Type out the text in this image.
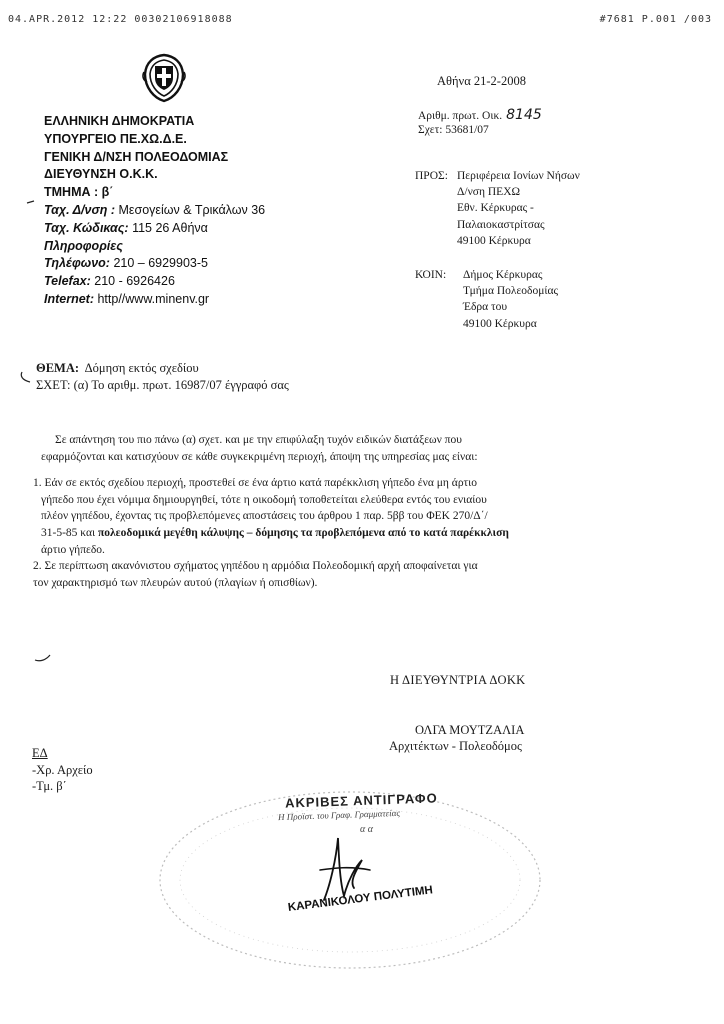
04.APR.2012 12:22 00302106918088	#7681 P.001 /003
ΕΛΛΗΝΙΚΗ ΔΗΜΟΚΡΑΤΙΑ
ΥΠΟΥΡΓΕΙΟ ΠΕ.ΧΩ.Δ.Ε.
ΓΕΝΙΚΗ Δ/ΝΣΗ ΠΟΛΕΟΔΟΜΙΑΣ
ΔΙΕΥΘΥΝΣΗ Ο.Κ.Κ.
ΤΜΗΜΑ : β΄
Ταχ. Δ/νση : Μεσογείων & Τρικάλων 36
Ταχ. Κώδικας: 115 26 Αθήνα
Πληροφορίες
Τηλέφωνο: 210 – 6929903-5
Telefax: 210 - 6926426
Internet: http//www.minenv.gr
Αθήνα 21-2-2008
Αριθμ. πρωτ. Οικ. 8145
Σχετ: 53681/07
ΠΡΟΣ: Περιφέρεια Ιονίων Νήσων
Δ/νση ΠΕΧΩ
Εθν. Κέρκυρας -
Παλαιοκαστρίτσας
49100 Κέρκυρα
ΚΟΙΝ:	Δήμος Κέρκυρας
Τμήμα Πολεοδομίας
Έδρα του
49100 Κέρκυρα
ΘΕΜΑ: Δόμηση εκτός σχεδίου
ΣΧΕΤ: (α) Το αριθμ. πρωτ. 16987/07 έγγραφό σας

Σε απάντηση του πιο πάνω (α) σχετ. και με την επιφύλαξη τυχόν ειδικών διατάξεων που
εφαρμόζονται και κατισχύουν σε κάθε συγκεκριμένη περιοχή, άποψη της υπηρεσίας μας είναι:

1. Εάν σε εκτός σχεδίου περιοχή, προστεθεί σε ένα άρτιο κατά παρέκκλιση γήπεδο ένα μη άρτιο
γήπεδο που έχει νόμιμα δημιουργηθεί, τότε η οικοδομή τοποθετείται ελεύθερα εντός του ενιαίου
πλέον γηπέδου, έχοντας τις προβλεπόμενες αποστάσεις του άρθρου 1 παρ. 5ββ του ΦΕΚ 270/Δ΄/
31-5-85 και πολεοδομικά μεγέθη κάλυψης – δόμησης τα προβλεπόμενα από το κατά παρέκκλιση
άρτιο γήπεδο.
2. Σε περίπτωση ακανόνιστου σχήματος γηπέδου η αρμόδια Πολεοδομική αρχή αποφαίνεται για
τον χαρακτηρισμό των πλευρών αυτού (πλαγίων ή οπισθίων).
Η ΔΙΕΥΘΥΝΤΡΙΑ ΔΟΚΚ
ΟΛΓΑ ΜΟΥΤΖΑΛΙΑ
Αρχιτέκτων - Πολεοδόμος
ΕΔ
-Χρ. Αρχείο
-Τμ. β΄
ΑΚΡΙΒΕΣ ΑΝΤΙΓΡΑΦΟ
Η Προϊστ. του Γραφ. Γραμματείας
α α
ΚΑΡΑΝΙΚΟΛΟΥ ΠΟΛΥΤΙΜΗ
